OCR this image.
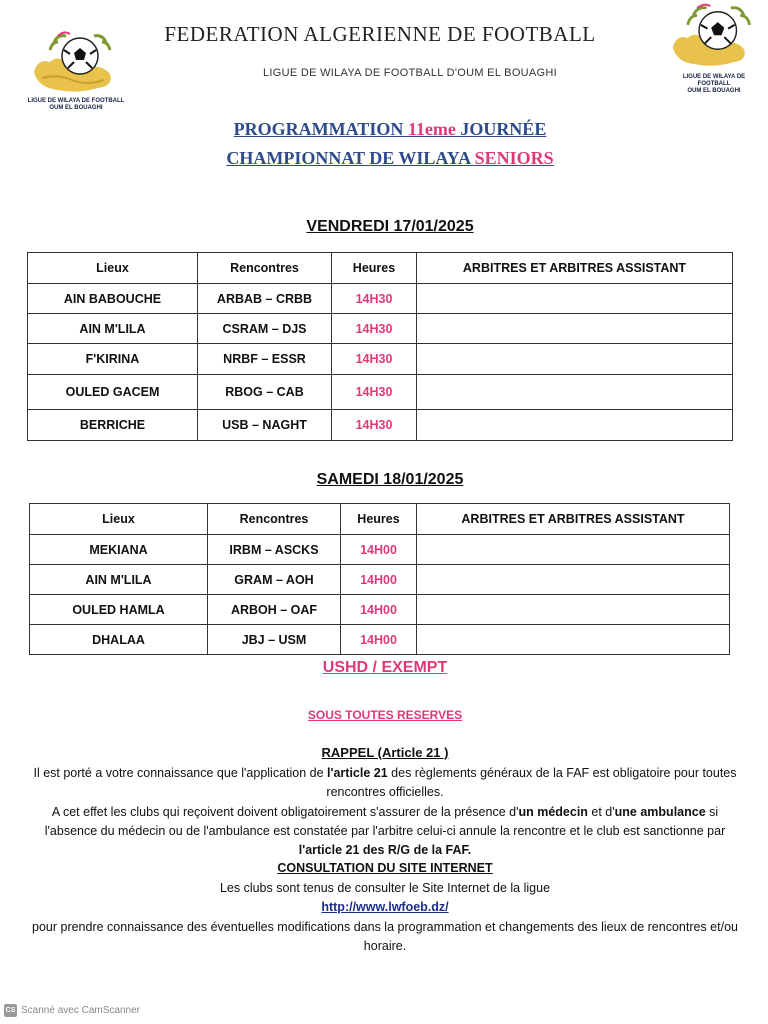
LIGUE DE WILAYA DE FOOTBALL
OUM EL BOUAGHI
LIGUE DE WILAYA DE FOOTBALL
OUM EL BOUAGHI
FEDERATION ALGERIENNE DE FOOTBALL
LIGUE DE WILAYA DE FOOTBALL D'OUM EL BOUAGHI
PROGRAMMATION 11eme JOURNÉE
CHAMPIONNAT DE WILAYA SENIORS
VENDREDI 17/01/2025
Lieux	Rencontres	Heures	ARBITRES ET ARBITRES ASSISTANT
AIN BABOUCHE	ARBAB – CRBB	14H30	
AIN M'LILA	CSRAM – DJS	14H30	
F'KIRINA	NRBF – ESSR	14H30	
OULED GACEM	RBOG – CAB	14H30	
BERRICHE	USB – NAGHT	14H30	
SAMEDI 18/01/2025
Lieux	Rencontres	Heures	ARBITRES ET ARBITRES ASSISTANT
MEKIANA	IRBM – ASCKS	14H00	
AIN M'LILA	GRAM – AOH	14H00	
OULED HAMLA	ARBOH – OAF	14H00	
DHALAA	JBJ – USM	14H00	
USHD / EXEMPT
SOUS TOUTES RESERVES
RAPPEL (Article 21 )
Il est porté a votre connaissance que l'application de l'article 21 des règlements généraux de la FAF est obligatoire pour toutes rencontres officielles.
A cet effet les clubs qui reçoivent doivent obligatoirement s'assurer de la présence d'un médecin et d'une ambulance si l'absence du médecin ou de l'ambulance est constatée par l'arbitre celui-ci annule la rencontre et le club est sanctionne par l'article 21 des R/G de la FAF.
CONSULTATION DU SITE INTERNET
Les clubs sont tenus de consulter le Site Internet de la ligue
http://www.lwfoeb.dz/
pour prendre connaissance des éventuelles modifications dans la programmation et changements des lieux de rencontres et/ou horaire.
CS Scanné avec CamScanner
